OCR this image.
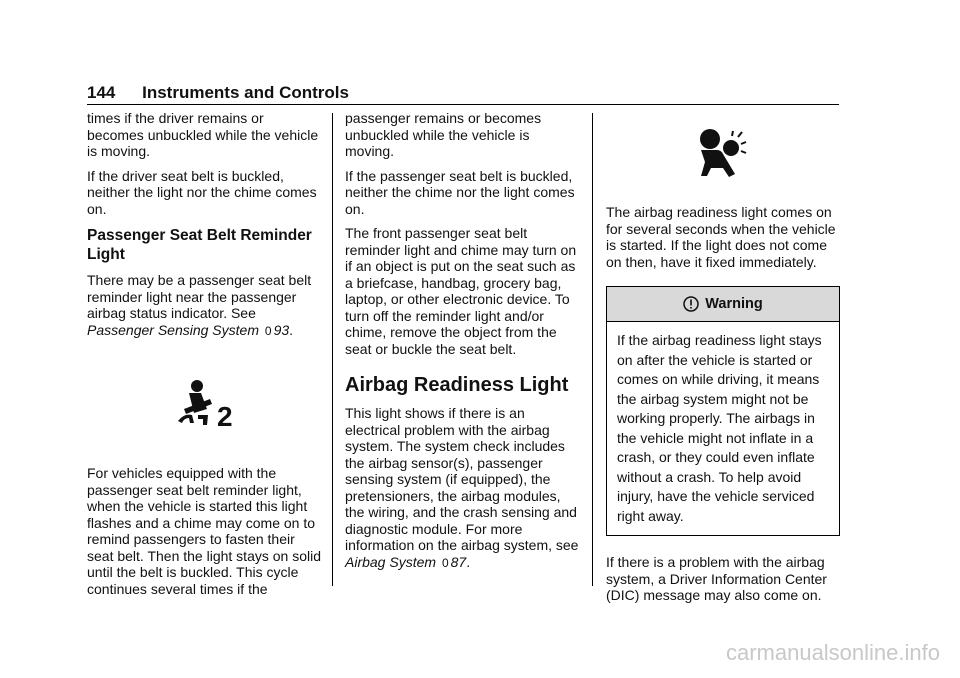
144 Instruments and Controls

times if the driver remains or becomes unbuckled while the vehicle is moving.

If the driver seat belt is buckled, neither the light nor the chime comes on.

Passenger Seat Belt Reminder Light

There may be a passenger seat belt reminder light near the passenger airbag status indicator. See
Passenger Sensing System 0 93.

2

For vehicles equipped with the passenger seat belt reminder light, when the vehicle is started this light flashes and a chime may come on to remind passengers to fasten their seat belt. Then the light stays on solid until the belt is buckled. This cycle continues several times if the

passenger remains or becomes unbuckled while the vehicle is moving.

If the passenger seat belt is buckled, neither the chime nor the light comes on.

The front passenger seat belt reminder light and chime may turn on if an object is put on the seat such as a briefcase, handbag, grocery bag, laptop, or other electronic device. To turn off the reminder light and/or chime, remove the object from the seat or buckle the seat belt.

Airbag Readiness Light

This light shows if there is an electrical problem with the airbag system. The system check includes the airbag sensor(s), passenger sensing system (if equipped), the pretensioners, the airbag modules, the wiring, and the crash sensing and diagnostic module. For more information on the airbag system, see Airbag System 0 87.

The airbag readiness light comes on for several seconds when the vehicle is started. If the light does not come on then, have it fixed immediately.

Warning
If the airbag readiness light stays on after the vehicle is started or comes on while driving, it means the airbag system might not be working properly. The airbags in the vehicle might not inflate in a crash, or they could even inflate without a crash. To help avoid injury, have the vehicle serviced right away.

If there is a problem with the airbag system, a Driver Information Center (DIC) message may also come on.

carmanualsonline.info
